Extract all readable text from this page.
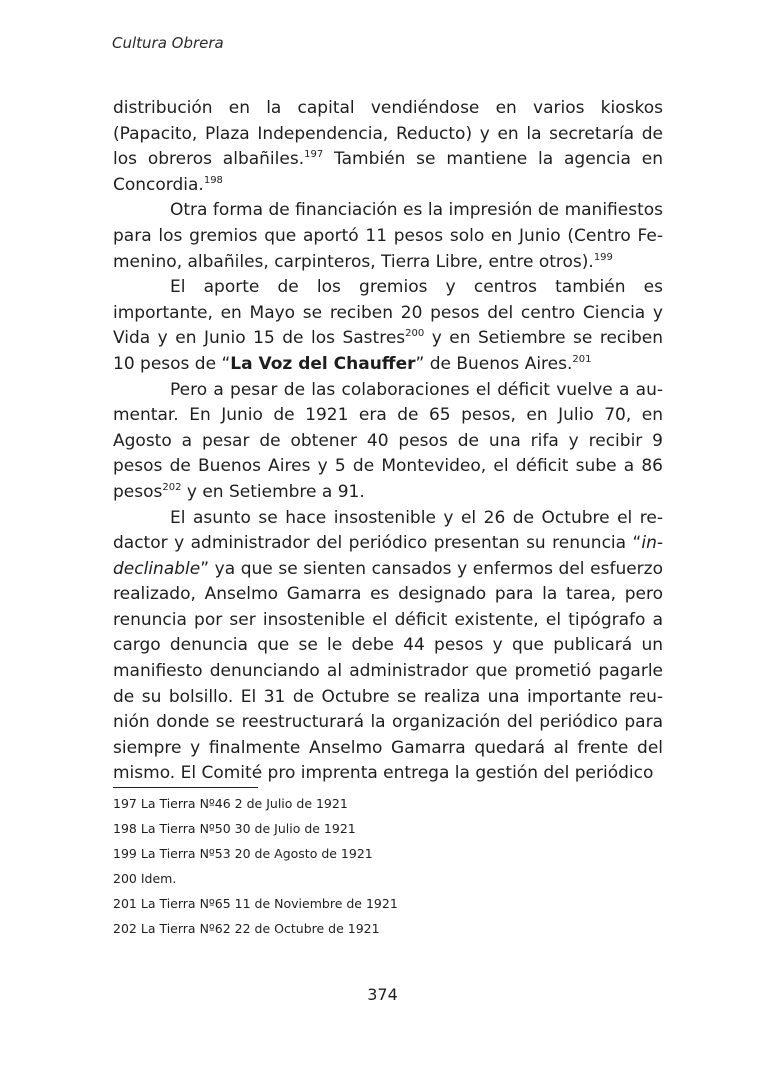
Cultura Obrera

distribución en la capital vendiéndose en varios kioskos (Papacito, Plaza Independencia, Reducto) y en la secretaría de los obreros albañiles.$^{197}$ También se mantiene la agencia en Concordia.$^{198}$

Otra forma de financiación es la impresión de manifiestos para los gremios que aportó 11 pesos solo en Junio (Centro Femenino, albañiles, carpinteros, Tierra Libre, entre otros).$^{199}$

El aporte de los gremios y centros también es importante, en Mayo se reciben 20 pesos del centro Ciencia y Vida y en Junio 15 de los Sastres$^{200}$ y en Setiembre se reciben 10 pesos de “La Voz del Chauffer” de Buenos Aires.$^{201}$

Pero a pesar de las colaboraciones el déficit vuelve a aumentar. En Junio de 1921 era de 65 pesos, en Julio 70, en Agosto a pesar de obtener 40 pesos de una rifa y recibir 9 pesos de Buenos Aires y 5 de Montevideo, el déficit sube a 86 pesos$^{202}$ y en Setiembre a 91.

El asunto se hace insostenible y el 26 de Octubre el redactor y administrador del periódico presentan su renuncia “indeclinable” ya que se sienten cansados y enfermos del esfuerzo realizado, Anselmo Gamarra es designado para la tarea, pero renuncia por ser insostenible el déficit existente, el tipógrafo a cargo denuncia que se le debe 44 pesos y que publicará un manifiesto denunciando al administrador que prometió pagarle de su bolsillo. El 31 de Octubre se realiza una importante reunión donde se reestructurará la organización del periódico para siempre y finalmente Anselmo Gamarra quedará al frente del mismo. El Comité pro imprenta entrega la gestión del periódico

197 La Tierra Nº46 2 de Julio de 1921
198 La Tierra Nº50 30 de Julio de 1921
199 La Tierra Nº53 20 de Agosto de 1921
200 Idem.
201 La Tierra Nº65 11 de Noviembre de 1921
202 La Tierra Nº62 22 de Octubre de 1921
374
